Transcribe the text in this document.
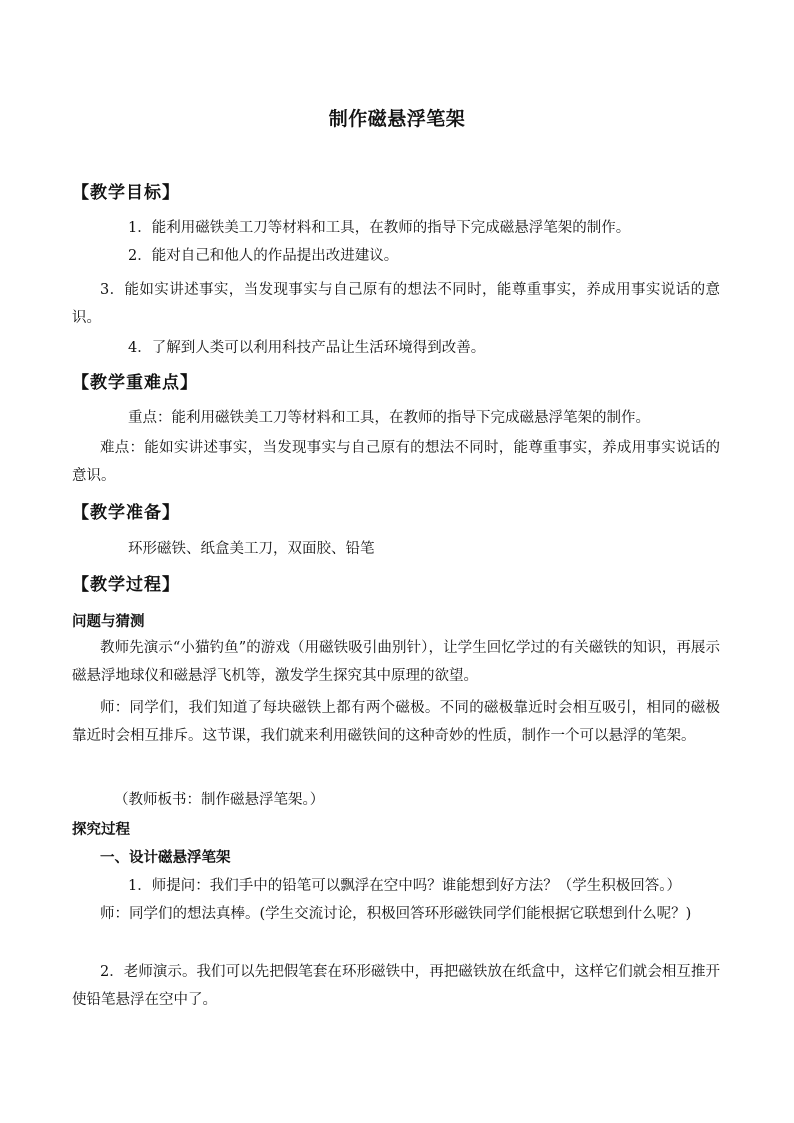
制作磁悬浮笔架
【教学目标】

1．能利用磁铁美工刀等材料和工具，在教师的指导下完成磁悬浮笔架的制作。

2．能对自己和他人的作品提出改进建议。

3．能如实讲述事实，当发现事实与自己原有的想法不同时，能尊重事实，养成用事实说话的意识。

4．了解到人类可以利用科技产品让生活环境得到改善。

【教学重难点】

重点：能利用磁铁美工刀等材料和工具，在教师的指导下完成磁悬浮笔架的制作。

难点：能如实讲述事实，当发现事实与自己原有的想法不同时，能尊重事实，养成用事实说话的意识。

【教学准备】

环形磁铁、纸盒美工刀，双面胶、铅笔

【教学过程】
问题与猜测

教师先演示“小猫钓鱼”的游戏（用磁铁吸引曲别针），让学生回忆学过的有关磁铁的知识，再展示磁悬浮地球仪和磁悬浮飞机等，激发学生探究其中原理的欲望。

师：同学们，我们知道了每块磁铁上都有两个磁极。不同的磁极靠近时会相互吸引，相同的磁极靠近时会相互排斥。这节课，我们就来利用磁铁间的这种奇妙的性质，制作一个可以悬浮的笔架。

（教师板书：制作磁悬浮笔架。）

探究过程
一、设计磁悬浮笔架

1．师提问：我们手中的铅笔可以飘浮在空中吗？谁能想到好方法？（学生积极回答。）

师：同学们的想法真棒。(学生交流讨论，积极回答环形磁铁同学们能根据它联想到什么呢？)

2．老师演示。我们可以先把假笔套在环形磁铁中，再把磁铁放在纸盒中，这样它们就会相互推开使铅笔悬浮在空中了。
